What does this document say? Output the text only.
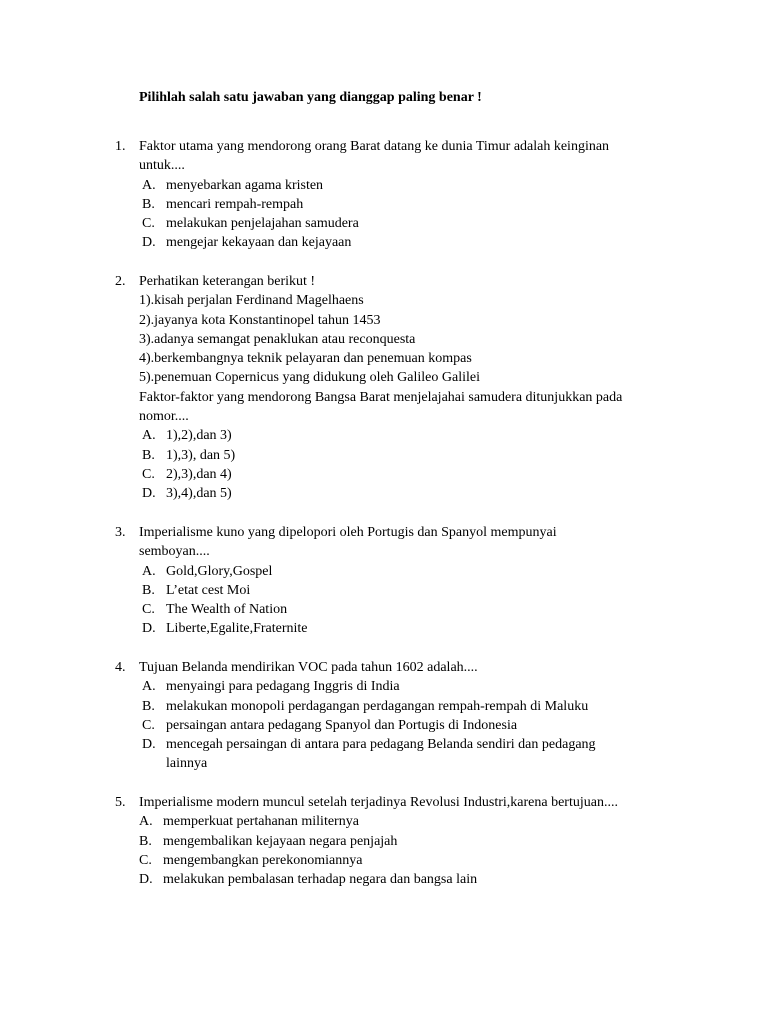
Pilihlah salah satu jawaban yang dianggap paling benar !
1. Faktor utama yang mendorong orang Barat datang ke dunia Timur adalah keinginan
untuk....
A. menyebarkan agama kristen
B. mencari rempah-rempah
C. melakukan penjelajahan samudera
D. mengejar kekayaan dan kejayaan
2. Perhatikan keterangan berikut !
1).kisah perjalan Ferdinand Magelhaens
2).jayanya kota Konstantinopel tahun 1453
3).adanya semangat penaklukan atau reconquesta
4).berkembangnya teknik pelayaran dan penemuan kompas
5).penemuan Copernicus yang didukung oleh Galileo Galilei
Faktor-faktor yang mendorong Bangsa Barat menjelajahai samudera ditunjukkan pada
nomor....
A. 1),2),dan 3)
B. 1),3), dan 5)
C. 2),3),dan 4)
D. 3),4),dan 5)
3. Imperialisme kuno yang dipelopori oleh Portugis dan Spanyol mempunyai
semboyan....
A. Gold,Glory,Gospel
B. L’etat cest Moi
C. The Wealth of Nation
D. Liberte,Egalite,Fraternite
4. Tujuan Belanda mendirikan VOC pada tahun 1602 adalah....
A. menyaingi para pedagang Inggris di India
B. melakukan monopoli perdagangan perdagangan rempah-rempah di Maluku
C. persaingan antara pedagang Spanyol dan Portugis di Indonesia
D. mencegah persaingan di antara para pedagang Belanda sendiri dan pedagang
lainnya
5. Imperialisme modern muncul setelah terjadinya Revolusi Industri,karena bertujuan....
A. memperkuat pertahanan militernya
B. mengembalikan kejayaan negara penjajah
C. mengembangkan perekonomiannya
D. melakukan pembalasan terhadap negara dan bangsa lain
